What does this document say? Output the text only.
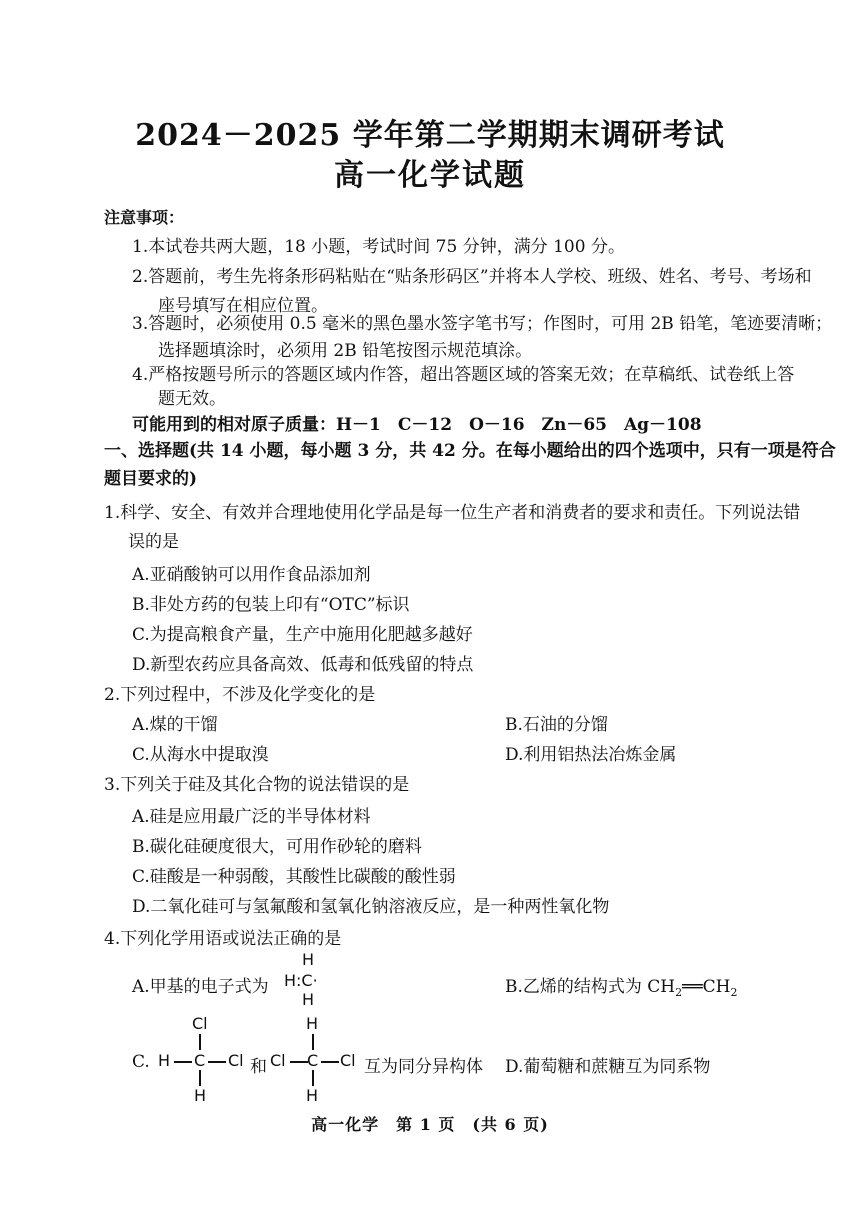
2024－2025 学年第二学期期末调研考试
高一化学试题
注意事项：
1.本试卷共两大题，18 小题，考试时间 75 分钟，满分 100 分。
2.答题前，考生先将条形码粘贴在“贴条形码区”并将本人学校、班级、姓名、考号、考场和
座号填写在相应位置。
3.答题时，必须使用 0.5 毫米的黑色墨水签字笔书写；作图时，可用 2B 铅笔，笔迹要清晰；
选择题填涂时，必须用 2B 铅笔按图示规范填涂。
4.严格按题号所示的答题区域内作答，超出答题区域的答案无效；在草稿纸、试卷纸上答
题无效。
可能用到的相对原子质量：H－1　C－12　O－16　Zn－65　Ag－108
一、选择题(共 14 小题，每小题 3 分，共 42 分。在每小题给出的四个选项中，只有一项是符合
题目要求的)
1.科学、安全、有效并合理地使用化学品是每一位生产者和消费者的要求和责任。下列说法错
误的是
A.亚硝酸钠可以用作食品添加剂
B.非处方药的包装上印有“OTC”标识
C.为提高粮食产量，生产中施用化肥越多越好
D.新型农药应具备高效、低毒和低残留的特点
2.下列过程中，不涉及化学变化的是
A.煤的干馏	B.石油的分馏
C.从海水中提取溴	D.利用铝热法冶炼金属
3.下列关于硅及其化合物的说法错误的是
A.硅是应用最广泛的半导体材料
B.碳化硅硬度很大，可用作砂轮的磨料
C.硅酸是一种弱酸，其酸性比碳酸的酸性弱
D.二氧化硅可与氢氟酸和氢氧化钠溶液反应，是一种两性氧化物
4.下列化学用语或说法正确的是
A.甲基的电子式为
H
H:C·
H
B.乙烯的结构式为 $CH_2══CH_2$
C.
Cl
H C Cl
H
和 Cl
H
C Cl
H
互为同分异构体 D.葡萄糖和蔗糖互为同系物
高一化学　第 1 页　(共 6 页)
